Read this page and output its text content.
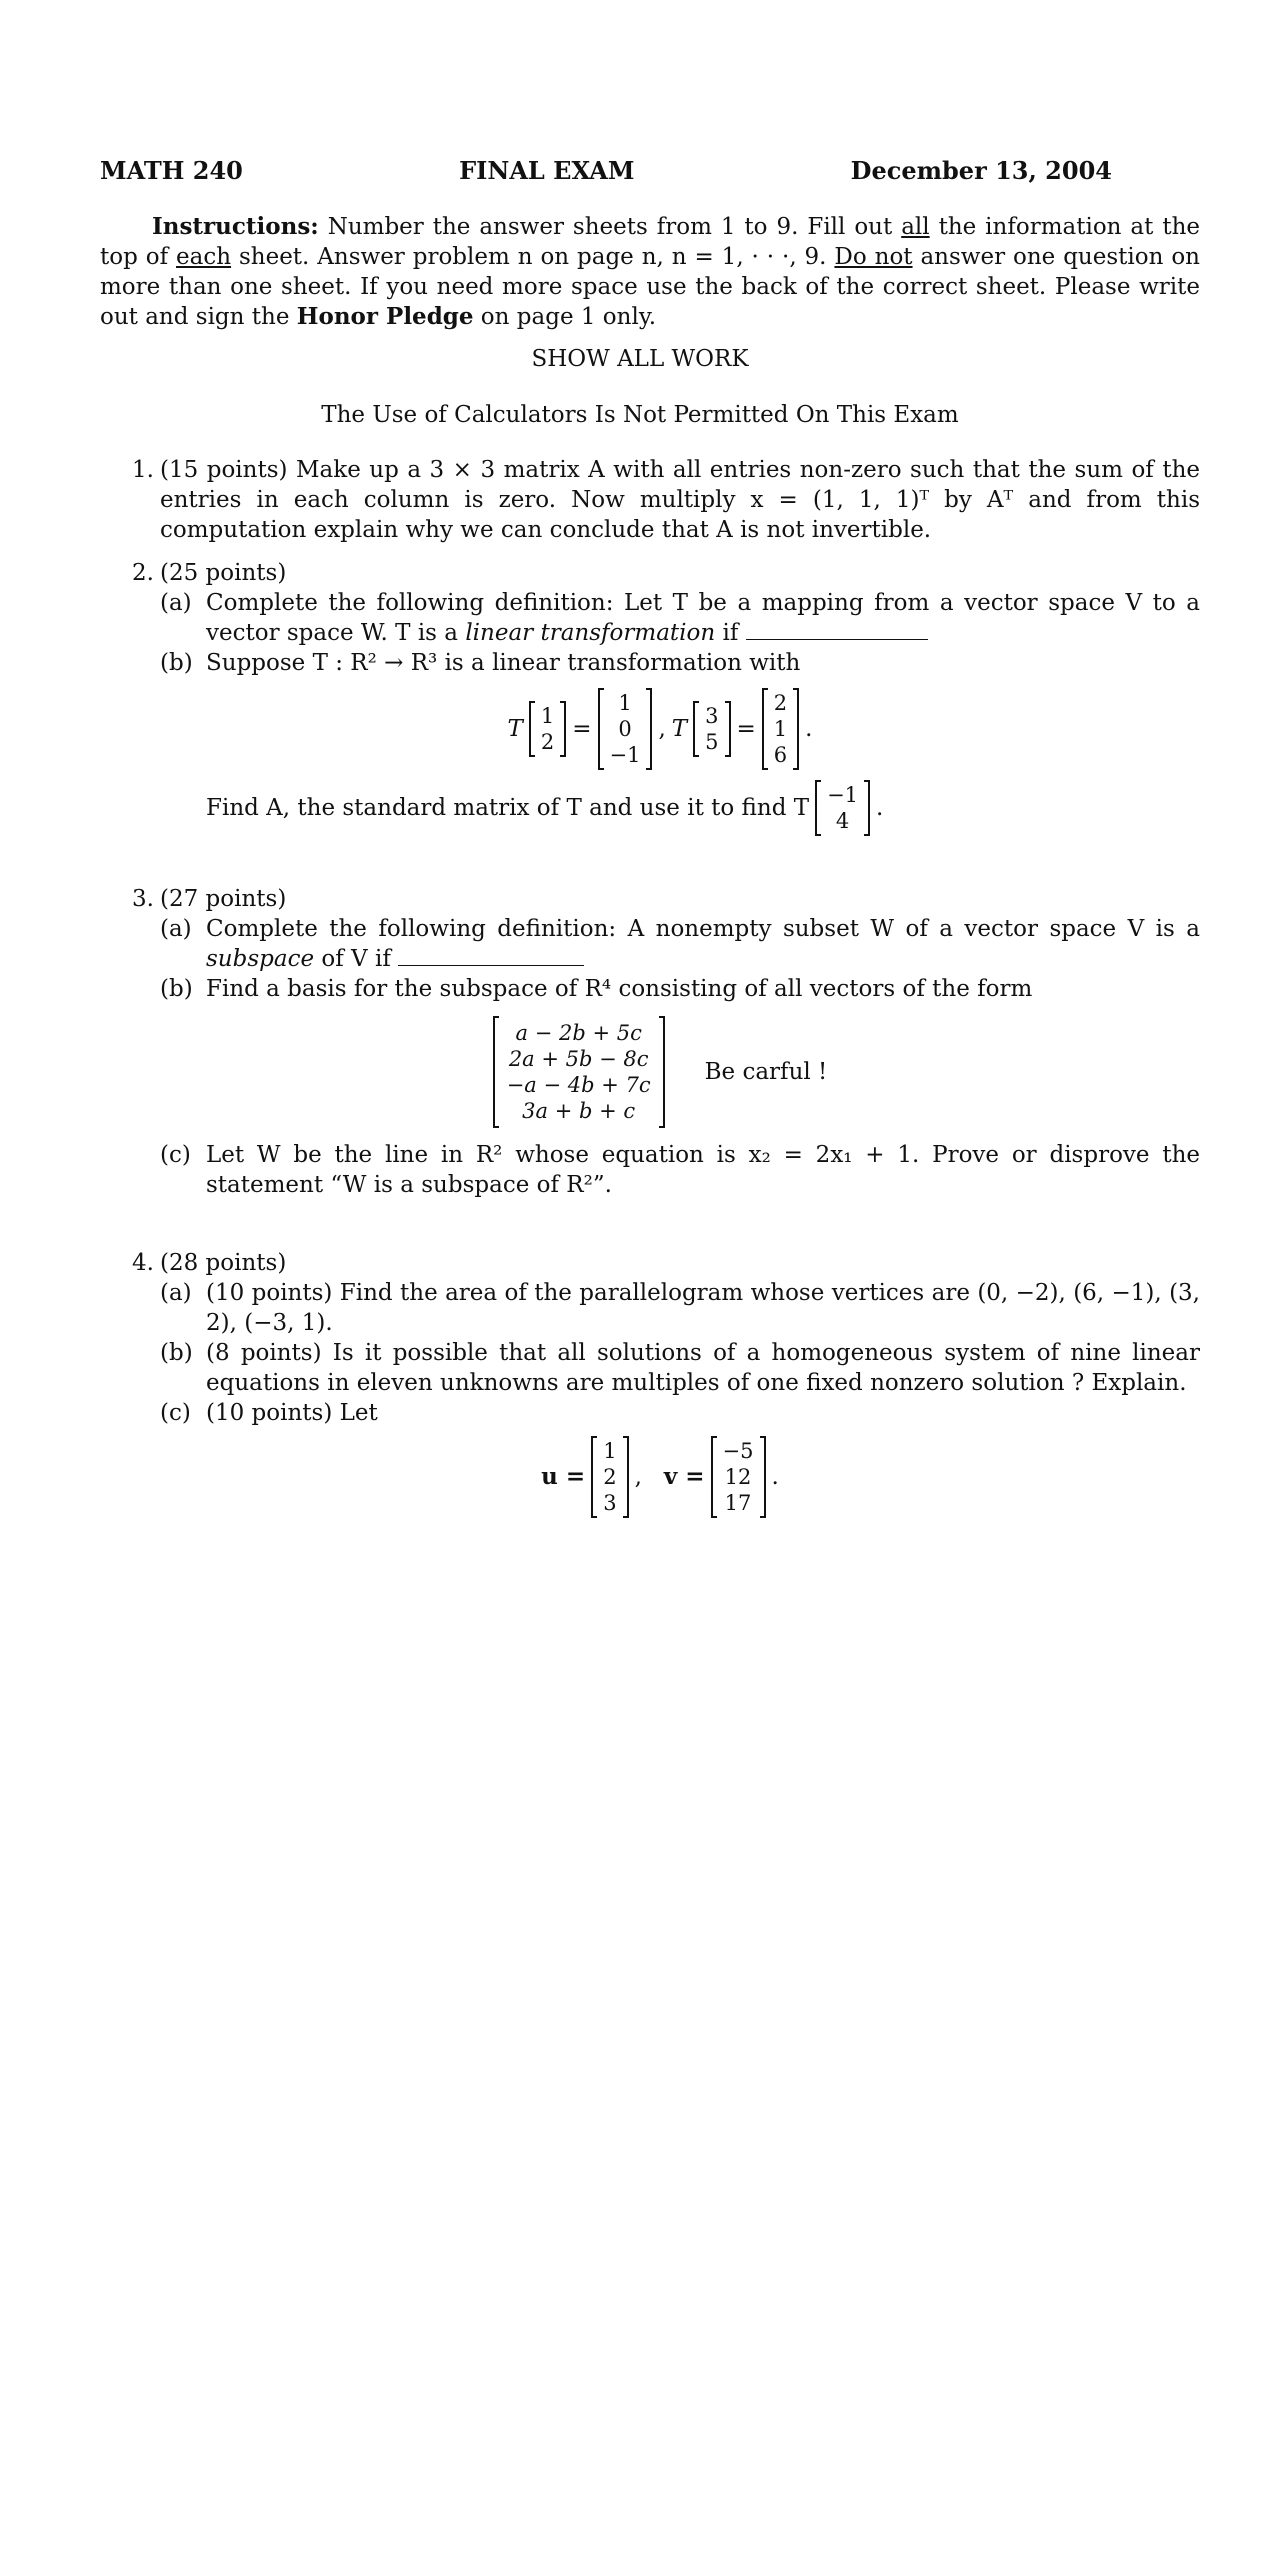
MATH 240	FINAL EXAM	December 13, 2004
Instructions: Number the answer sheets from 1 to 9. Fill out all the information at the top of each sheet. Answer problem n on page n, n = 1, · · ·, 9. Do not answer one question on more than one sheet. If you need more space use the back of the correct sheet. Please write out and sign the Honor Pledge on page 1 only.
SHOW ALL WORK
The Use of Calculators Is Not Permitted On This Exam
1. (15 points) Make up a 3 × 3 matrix A with all entries non-zero such that the sum of the entries in each column is zero. Now multiply x = (1, 1, 1)ᵀ by Aᵀ and from this computation explain why we can conclude that A is not invertible.
2. (25 points)
(a) Complete the following definition: Let T be a mapping from a vector space V to a vector space W. T is a linear transformation if
(b) Suppose T : R² → R³ is a linear transformation with
T 1
2 =
1
0
−1
, T 3
5 =
2
1
6
.
Find A, the standard matrix of T and use it to find T −1
4 .
3. (27 points)
(a) Complete the following definition: A nonempty subset W of a vector space V is a subspace of V if
(b) Find a basis for the subspace of R⁴ consisting of all vectors of the form
a − 2b + 5c
2a + 5b − 8c
−a − 4b + 7c
3a + b + c
Be carful !
(c) Let W be the line in R² whose equation is x₂ = 2x₁ + 1. Prove or disprove the statement “W is a subspace of R²”.
4. (28 points)
(a) (10 points) Find the area of the parallelogram whose vertices are (0, −2), (6, −1), (3, 2), (−3, 1).
(b) (8 points) Is it possible that all solutions of a homogeneous system of nine linear equations in eleven unknowns are multiples of one fixed nonzero solution ? Explain.
(c) (10 points) Let
u =
1
2
3
, v =
−5
12
17
.
